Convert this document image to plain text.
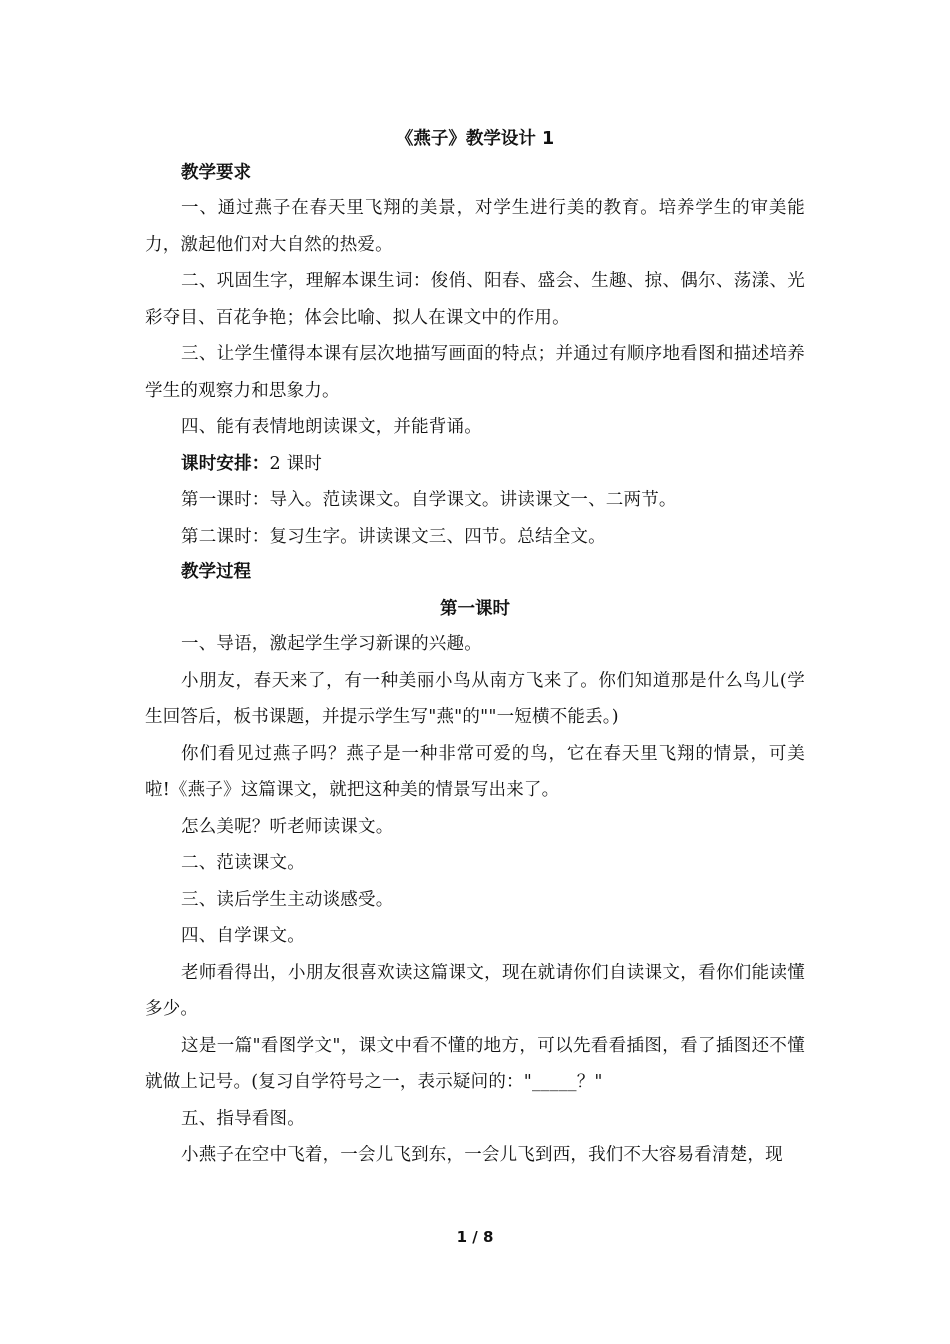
《燕子》教学设计 1
教学要求

一、通过燕子在春天里飞翔的美景，对学生进行美的教育。培养学生的审美能力，激起他们对大自然的热爱。

二、巩固生字，理解本课生词：俊俏、阳春、盛会、生趣、掠、偶尔、荡漾、光彩夺目、百花争艳；体会比喻、拟人在课文中的作用。

三、让学生懂得本课有层次地描写画面的特点；并通过有顺序地看图和描述培养学生的观察力和思象力。

四、能有表情地朗读课文，并能背诵。

课时安排：2 课时

第一课时：导入。范读课文。自学课文。讲读课文一、二两节。

第二课时：复习生字。讲读课文三、四节。总结全文。

教学过程
第一课时

一、导语，激起学生学习新课的兴趣。

小朋友，春天来了，有一种美丽小鸟从南方飞来了。你们知道那是什么鸟儿(学生回答后，板书课题，并提示学生写"燕"的""一短横不能丢。)

你们看见过燕子吗？燕子是一种非常可爱的鸟，它在春天里飞翔的情景，可美啦!《燕子》这篇课文，就把这种美的情景写出来了。

怎么美呢？听老师读课文。

二、范读课文。

三、读后学生主动谈感受。

四、自学课文。

老师看得出，小朋友很喜欢读这篇课文，现在就请你们自读课文，看你们能读懂多少。

这是一篇"看图学文"，课文中看不懂的地方，可以先看看插图，看了插图还不懂就做上记号。(复习自学符号之一，表示疑问的："_____？"

五、指导看图。

小燕子在空中飞着，一会儿飞到东，一会儿飞到西，我们不大容易看清楚，现

1 / 8
